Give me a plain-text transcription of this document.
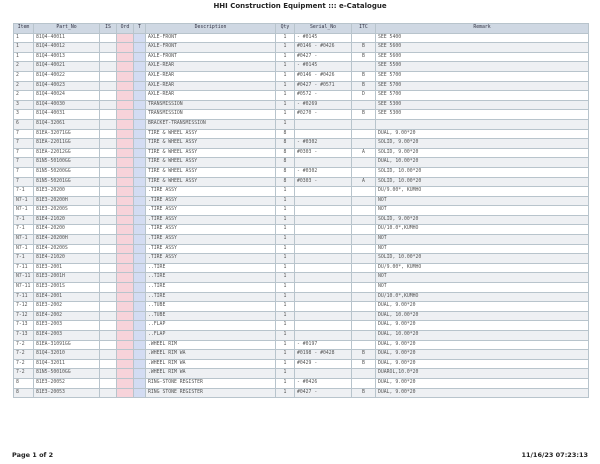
HHI Construction Equipment ::: e-Catalogue
Item	Part_No	IS	Ord	T	Description	Qty	Serial_No	ITC	Remark
1	81Q4-40011				AXLE-FRONT	1	- #0145		SEE 5400
1	81Q4-40012				AXLE-FRONT	1	#0146 - #0426	B	SEE 5600
1	81Q4-40013				AXLE-FRONT	1	#0427 -	B	SEE 5600
2	81Q4-40021				AXLE-REAR	1	- #0145		SEE 5500
2	81Q4-40022				AXLE-REAR	1	#0146 - #0426	B	SEE 5700
2	81Q4-40023				AXLE-REAR	1	#0427 - #0571	B	SEE 5700
2	81Q4-40024				AXLE-REAR	1	#0572 -	D	SEE 5700
3	81Q4-40030				TRANSMISSION	1	- #0269		SEE 5300
3	81Q4-40031				TRANSMISSION	1	#0270 -	B	SEE 5300
6	81Q4-32061				BRACKET-TRANSMISSION	1			
7	81EA-32071GG				TIRE & WHEEL ASSY	8			DUAL, 9.00*20
7	81EA-22011GG				TIRE & WHEEL ASSY	8	- #0302		SOLID, 9.00*20
7	81EA-22012GG				TIRE & WHEEL ASSY	8	#0303 -	A	SOLID, 9.00*20
7	81N5-50100GG				TIRE & WHEEL ASSY	8			DUAL, 10.00*20
7	81N5-50200GG				TIRE & WHEEL ASSY	8	- #0302		SOLID, 10.00*20
7	81N5-50201GG				TIRE & WHEEL ASSY	8	#0303 -	A	SOLID, 10.00*20
7-1	81E3-20200				.TIRE ASSY	1			DU/9.00*, KUMHO
N7-1	81E3-20200H				.TIRE ASSY	1			NOT
N7-1	81E3-20200S				.TIRE ASSY	1			NOT
7-1	81E4-21020				.TIRE ASSY	1			SOLID, 9.00*20
7-1	81E4-20200				.TIRE ASSY	1			DU/10.0*,KUMHO
N7-1	81E4-20200H				.TIRE ASSY	1			NOT
N7-1	81E4-20200S				.TIRE ASSY	1			NOT
7-1	81E4-21020				.TIRE ASSY	1			SOLID, 10.00*20
7-11	81E3-2001				..TIRE	1			DU/9.00*, KUMHO
N7-11	81E3-2001H				..TIRE	1			NOT
N7-11	81E3-2001S				..TIRE	1			NOT
7-11	81E4-2001				..TIRE	1			DU/10.0*,KUMHO
7-12	81E3-2002				..TUBE	1			DUAL, 9.00*20
7-12	81E4-2002				..TUBE	1			DUAL, 10.00*20
7-13	81E3-2003				..FLAP	1			DUAL, 9.00*20
7-13	81E4-2003				..FLAP	1			DUAL, 10.00*20
7-2	81EA-31091GG				.WHEEL RIM	1	- #0197		DUAL, 9.00*20
7-2	81Q4-32010				.WHEEL RIM WA	1	#0198 - #0428	B	DUAL, 9.00*20
7-2	81Q4-32011				.WHEEL RIM WA	1	#0429 -	B	DUAL, 9.00*20
7-2	81N5-50010GG				.WHEEL RIM WA	1			DUAROL,10.0*20
8	81E3-20052				RING-STONE REGISTER	1	- #0426		DUAL, 9.00*20
8	81E3-20053				RING STONE REGISTER	1	#0427 -	B	DUAL, 9.00*20
Page 1 of 2	11/16/23 07:23:13
